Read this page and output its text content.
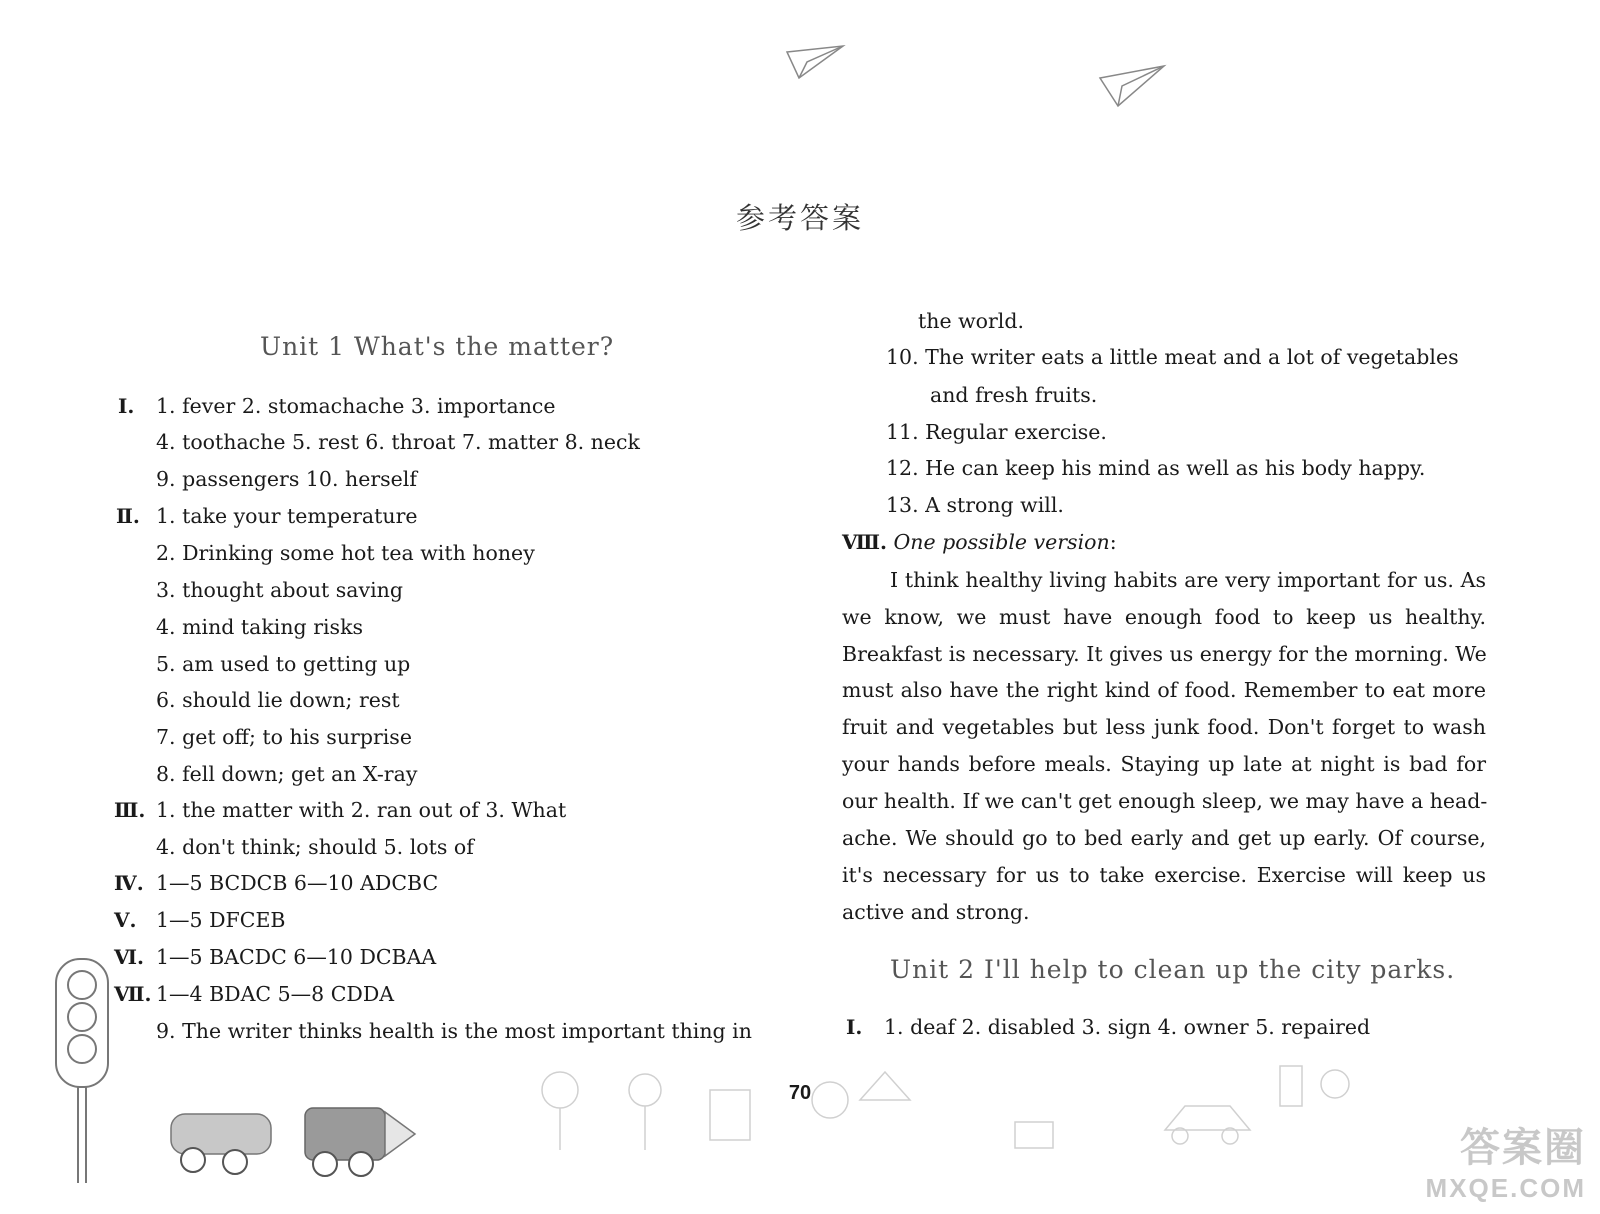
参考答案
Unit 1 What's the matter?
Ⅰ. 1. fever 2. stomachache 3. importance
4. toothache 5. rest 6. throat 7. matter 8. neck
9. passengers 10. herself
Ⅱ. 1. take your temperature
2. Drinking some hot tea with honey
3. thought about saving
4. mind taking risks
5. am used to getting up
6. should lie down; rest
7. get off; to his surprise
8. fell down; get an X-ray
Ⅲ. 1. the matter with 2. ran out of 3. What
4. don't think; should 5. lots of
Ⅳ. 1—5 BCDCB 6—10 ADCBC
Ⅴ. 1—5 DFCEB
Ⅵ. 1—5 BACDC 6—10 DCBAA
Ⅶ. 1—4 BDAC 5—8 CDDA
9. The writer thinks health is the most important thing in
the world.
10. The writer eats a little meat and a lot of vegetables
and fresh fruits.
11. Regular exercise.
12. He can keep his mind as well as his body happy.
13. A strong will.
Ⅷ. One possible version:
I think healthy living habits are very important for us. As
we know, we must have enough food to keep us healthy.
Breakfast is necessary. It gives us energy for the morning. We
must also have the right kind of food. Remember to eat more
fruit and vegetables but less junk food. Don't forget to wash
your hands before meals. Staying up late at night is bad for
our health. If we can't get enough sleep, we may have a head-
ache. We should go to bed early and get up early. Of course,
it's necessary for us to take exercise. Exercise will keep us
active and strong.
Unit 2 I'll help to clean up the city parks.
Ⅰ. 1. deaf 2. disabled 3. sign 4. owner 5. repaired
70
答案圈
MXQE.COM
